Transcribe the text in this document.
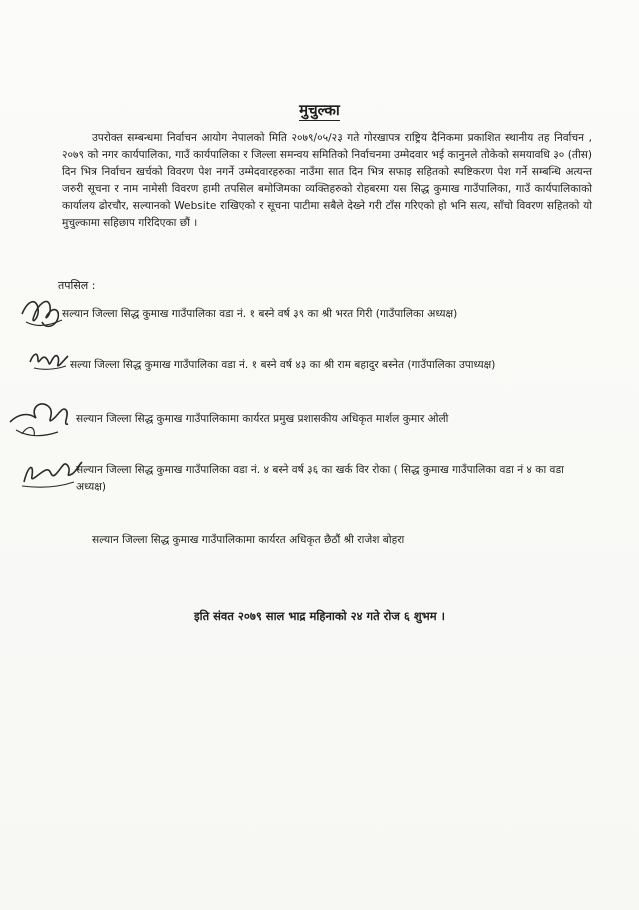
मुचुल्का

उपरोक्त सम्बन्धमा निर्वाचन आयोग नेपालको मिति २०७९/०५/२३ गते गोरखापत्र राष्ट्रिय दैनिकमा प्रकाशित स्थानीय तह निर्वाचन , २०७९ को नगर कार्यपालिका, गाउँ कार्यपालिका र जिल्ला समन्वय समितिको निर्वाचनमा उम्मेदवार भई कानुनले तोकेको समयावधि ३० (तीस) दिन भित्र निर्वाचन खर्चको विवरण पेश नगर्ने उम्मेदवारहरुका नाउँमा सात दिन भित्र सफाइ सहितको स्पष्टिकरण पेश गर्ने सम्बन्धि अत्यन्त जरुरी सूचना र नाम नामेसी विवरण हामी तपसिल बमोजिमका व्यक्तिहरुको रोहबरमा यस सिद्ध कुमाख गाउँपालिका, गाउँ कार्यपालिकाको कार्यालय ढोरचौर, सल्यानको Website राखिएको र सूचना पाटीमा सबैले देख्ने गरी टाँस गरिएको हो भनि सत्य, साँचो विवरण सहितको यो मुचुल्कामा सहिछाप गरिदिएका छौं ।

तपसिल :

सल्यान जिल्ला सिद्ध कुमाख गाउँपालिका वडा नं. १ बस्ने वर्ष ३९ का श्री भरत गिरी (गाउँपालिका अध्यक्ष)

सल्या जिल्ला सिद्ध कुमाख गाउँपालिका वडा नं. १ बस्ने वर्ष ४३ का श्री राम बहादुर बस्नेत (गाउँपालिका उपाध्यक्ष)

सल्यान जिल्ला सिद्ध कुमाख गाउँपालिकामा कार्यरत प्रमुख प्रशासकीय अधिकृत मार्शल कुमार ओली

सल्यान जिल्ला सिद्ध कुमाख गाउँपालिका वडा नं. ४ बस्ने वर्ष ३६ का खर्क विर रोका ( सिद्ध कुमाख गाउँपालिका वडा नं ४ का वडा अध्यक्ष)

सल्यान जिल्ला सिद्ध कुमाख गाउँपालिकामा कार्यरत अधिकृत छैठौं श्री राजेश बोहरा

इति संवत २०७९ साल भाद्र महिनाको २४ गते रोज ६ शुभम ।
